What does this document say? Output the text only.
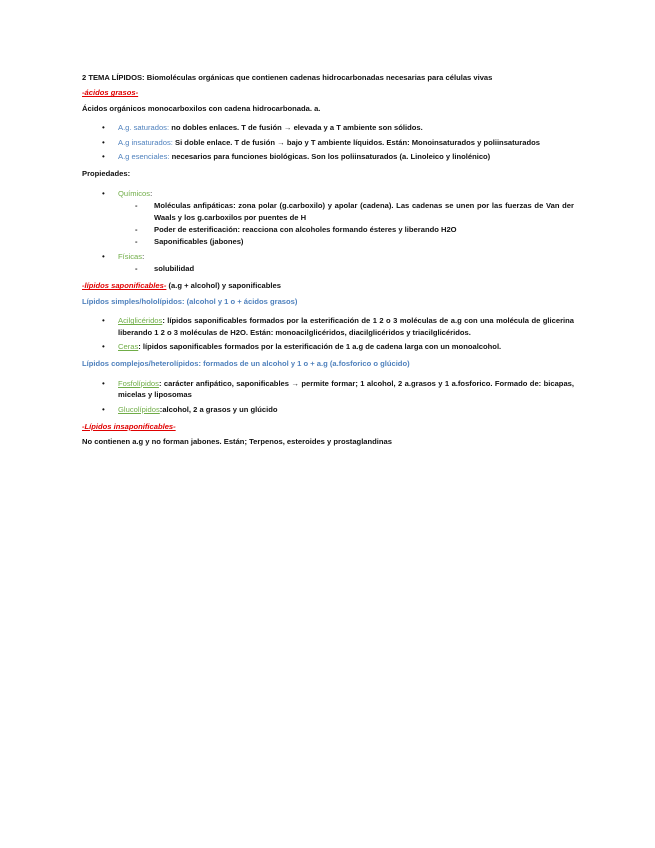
2 TEMA LÍPIDOS: Biomoléculas orgánicas que contienen cadenas hidrocarbonadas necesarias para células vivas

-ácidos grasos-

Ácidos orgánicos monocarboxilos con cadena hidrocarbonada. a.

• A.g. saturados: no dobles enlaces. T de fusión → elevada y a T ambiente son sólidos.
• A.g insaturados: Si doble enlace. T de fusión → bajo y T ambiente líquidos. Están: Monoinsaturados y poliinsaturados
• A.g esenciales: necesarios para funciones biológicas. Son los poliinsaturados (a. Linoleico y linolénico)

Propiedades:

• Químicos:
- Moléculas anfipáticas: zona polar (g.carboxilo) y apolar (cadena). Las cadenas se unen por las fuerzas de Van der Waals y los g.carboxilos por puentes de H
- Poder de esterificación: reacciona con alcoholes formando ésteres y liberando H2O
- Saponificables (jabones)
• Físicas:
- solubilidad

-lípidos saponificables- (a.g + alcohol) y saponificables

Lípidos simples/hololípidos: (alcohol y 1 o + ácidos grasos)

• Acilglicéridos: lípidos saponificables formados por la esterificación de 1 2 o 3 moléculas de a.g con una molécula de glicerina liberando 1 2 o 3 moléculas de H2O. Están: monoacilglicéridos, diacilglicéridos y triacilglicéridos.
• Ceras: lípidos saponificables formados por la esterificación de 1 a.g de cadena larga con un monoalcohol.

Lípidos complejos/heterolípidos: formados de un alcohol y 1 o + a.g (a.fosforico o glúcido)

• Fosfolípidos: carácter anfipático, saponificables → permite formar; 1 alcohol, 2 a.grasos y 1 a.fosforico. Formado de: bicapas, micelas y liposomas
• Glucolípidos:alcohol, 2 a grasos y un glúcido

-Lípidos insaponificables-

No contienen a.g y no forman jabones. Están; Terpenos, esteroides y prostaglandinas
